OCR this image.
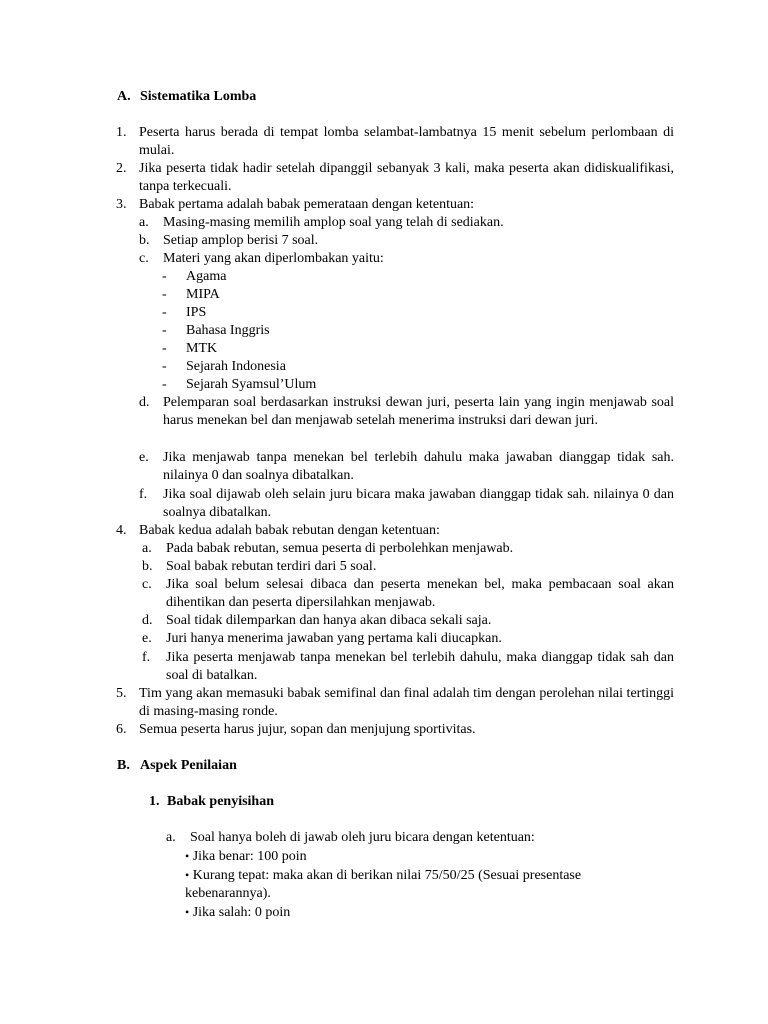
A. Sistematika Lomba
1. Peserta harus berada di tempat lomba selambat-lambatnya 15 menit sebelum perlombaan di mulai.
2. Jika peserta tidak hadir setelah dipanggil sebanyak 3 kali, maka peserta akan didiskualifikasi, tanpa terkecuali.
3. Babak pertama adalah babak pemerataan dengan ketentuan:
a. Masing-masing memilih amplop soal yang telah di sediakan.
b. Setiap amplop berisi 7 soal.
c. Materi yang akan diperlombakan yaitu:
- Agama
- MIPA
- IPS
- Bahasa Inggris
- MTK
- Sejarah Indonesia
- Sejarah Syamsul’Ulum
d. Pelemparan soal berdasarkan instruksi dewan juri, peserta lain yang ingin menjawab soal harus menekan bel dan menjawab setelah menerima instruksi dari dewan juri.
e. Jika menjawab tanpa menekan bel terlebih dahulu maka jawaban dianggap tidak sah. nilainya 0 dan soalnya dibatalkan.
f. Jika soal dijawab oleh selain juru bicara maka jawaban dianggap tidak sah. nilainya 0 dan soalnya dibatalkan.
4. Babak kedua adalah babak rebutan dengan ketentuan:
a. Pada babak rebutan, semua peserta di perbolehkan menjawab.
b. Soal babak rebutan terdiri dari 5 soal.
c. Jika soal belum selesai dibaca dan peserta menekan bel, maka pembacaan soal akan dihentikan dan peserta dipersilahkan menjawab.
d. Soal tidak dilemparkan dan hanya akan dibaca sekali saja.
e. Juri hanya menerima jawaban yang pertama kali diucapkan.
f. Jika peserta menjawab tanpa menekan bel terlebih dahulu, maka dianggap tidak sah dan soal di batalkan.
5. Tim yang akan memasuki babak semifinal dan final adalah tim dengan perolehan nilai tertinggi di masing-masing ronde.
6. Semua peserta harus jujur, sopan dan menjujung sportivitas.
B. Aspek Penilaian
1. Babak penyisihan
a. Soal hanya boleh di jawab oleh juru bicara dengan ketentuan:
• Jika benar: 100 poin
• Kurang tepat: maka akan di berikan nilai 75/50/25 (Sesuai presentase kebenarannya).
• Jika salah: 0 poin
